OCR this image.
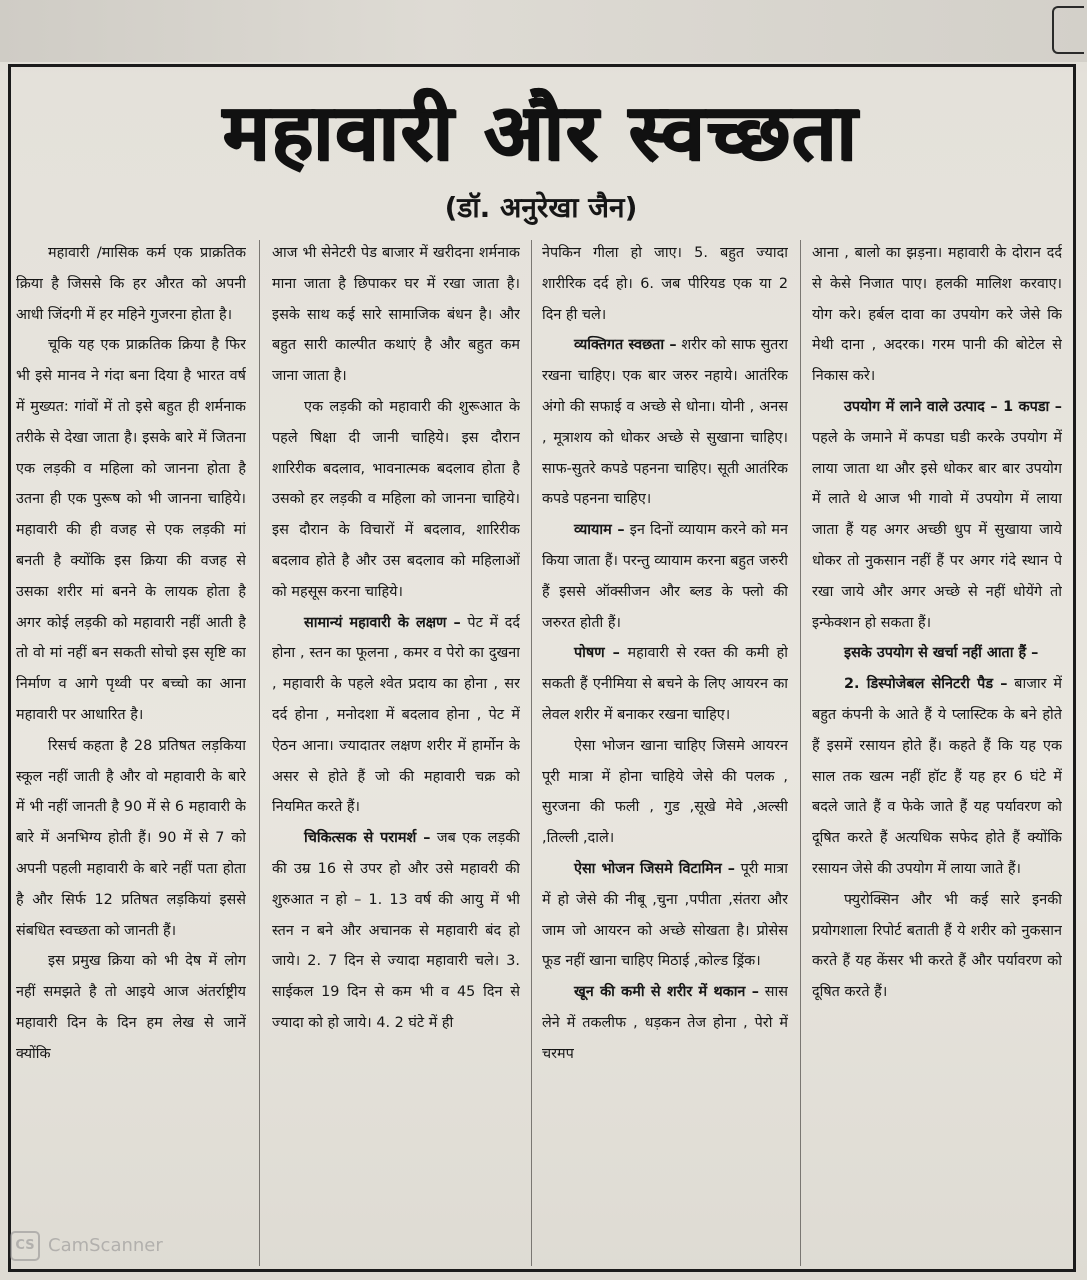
महावारी और स्वच्छता
(डॉ. अनुरेखा जैन)

महावारी /मासिक कर्म एक प्राक्रतिक क्रिया है जिससे कि हर औरत को अपनी आधी जिंदगी में हर महिने गुजरना होता है।

चूकि यह एक प्राक्रतिक क्रिया है फिर भी इसे मानव ने गंदा बना दिया है भारत वर्ष में मुख्यत: गांवों में तो इसे बहुत ही शर्मनाक तरीके से देखा जाता है। इसके बारे में जितना एक लड़की व महिला को जानना होता है उतना ही एक पुरूष को भी जानना चाहिये। महावारी की ही वजह से एक लड़की मां बनती है क्योंकि इस क्रिया की वजह से उसका शरीर मां बनने के लायक होता है अगर कोई लड़की को महावारी नहीं आती है तो वो मां नहीं बन सकती सोचो इस सृष्टि का निर्माण व आगे पृथ्वी पर बच्चो का आना महावारी पर आधारित है।

रिसर्च कहता है 28 प्रतिषत लड़किया स्कूल नहीं जाती है और वो महावारी के बारे में भी नहीं जानती है 90 में से 6 महावारी के बारे में अनभिग्य होती हैं। 90 में से 7 को अपनी पहली महावारी के बारे नहीं पता होता है और सिर्फ 12 प्रतिषत लड़कियां इससे संबधित स्वच्छता को जानती हैं।

इस प्रमुख क्रिया को भी देष में लोग नहीं समझते है तो आइये आज अंतर्राष्ट्रीय महावारी दिन के दिन हम लेख से जानें क्योंकि

आज भी सेनेटरी पेड बाजार में खरीदना शर्मनाक माना जाता है छिपाकर घर में रखा जाता है। इसके साथ कई सारे सामाजिक बंधन है। और बहुत सारी काल्पीत कथाएं है और बहुत कम जाना जाता है।

एक लड़की को महावारी की शुरूआत के पहले षिक्षा दी जानी चाहिये। इस दौरान शारिरीक बदलाव, भावनात्मक बदलाव होता है उसको हर लड़की व महिला को जानना चाहिये। इस दौरान के विचारों में बदलाव, शारिरीक बदलाव होते है और उस बदलाव को महिलाओं को महसूस करना चाहिये।

सामान्यं महावारी के लक्षण – पेट में दर्द होना , स्तन का फूलना , कमर व पेरो का दुखना , महावारी के पहले श्वेत प्रदाय का होना , सर दर्द होना , मनोदशा में बदलाव होना , पेट में ऐठन आना। ज्यादातर लक्षण शरीर में हार्मोन के असर से होते हैं जो की महावारी चक्र को नियमित करते हैं।

चिकित्सक से परामर्श – जब एक लड़की की उम्र 16 से उपर हो और उसे महावरी की शुरुआत न हो – 1. 13 वर्ष की आयु में भी स्तन न बने और अचानक से महावारी बंद हो जाये। 2. 7 दिन से ज्यादा महावारी चले। 3. साईकल 19 दिन से कम भी व 45 दिन से ज्यादा को हो जाये। 4. 2 घंटे में ही

नेपकिन गीला हो जाए। 5. बहुत ज्यादा शारीरिक दर्द हो। 6. जब पीरियड एक या 2 दिन ही चले।

व्यक्तिगत स्वछता – शरीर को साफ सुतरा रखना चाहिए। एक बार जरुर नहाये। आतंरिक अंगो की सफाई व अच्छे से धोना। योनी , अनस , मूत्राशय को धोकर अच्छे से सुखाना चाहिए। साफ-सुतरे कपडे पहनना चाहिए। सूती आतंरिक कपडे पहनना चाहिए।

व्यायाम – इन दिनों व्यायाम करने को मन किया जाता हैं। परन्तु व्यायाम करना बहुत जरुरी हैं इससे ऑक्सीजन और ब्लड के फ्लो की जरुरत होती हैं।

पोषण – महावारी से रक्त की कमी हो सकती हैं एनीमिया से बचने के लिए आयरन का लेवल शरीर में बनाकर रखना चाहिए।

ऐसा भोजन खाना चाहिए जिसमे आयरन पूरी मात्रा में होना चाहिये जेसे की पलक , सुरजना की फली , गुड ,सूखे मेवे ,अल्सी ,तिल्ली ,दाले।

ऐसा भोजन जिसमे विटामिन – पूरी मात्रा में हो जेसे की नीबू ,चुना ,पपीता ,संतरा और जाम जो आयरन को अच्छे सोखता है। प्रोसेस फूड नहीं खाना चाहिए मिठाई ,कोल्ड ड्रिंक।

खून की कमी से शरीर में थकान – सास लेने में तकलीफ , धड़कन तेज होना , पेरो में चरमप

आना , बालो का झड़ना। महावारी के दोरान दर्द से केसे निजात पाए। हलकी मालिश करवाए। योग करे। हर्बल दावा का उपयोग करे जेसे कि मेथी दाना , अदरक। गरम पानी की बोटेल से निकास करे।

उपयोग में लाने वाले उत्पाद – 1 कपडा – पहले के जमाने में कपडा घडी करके उपयोग में लाया जाता था और इसे धोकर बार बार उपयोग में लाते थे आज भी गावो में उपयोग में लाया जाता हैं यह अगर अच्छी धुप में सुखाया जाये धोकर तो नुकसान नहीं हैं पर अगर गंदे स्थान पे रखा जाये और अगर अच्छे से नहीं धोयेंगे तो इन्फेक्शन हो सकता हैं।

इसके उपयोग से खर्चा नहीं आता हैं –

2. डिस्पोजेबल सेनिटरी पैड – बाजार में बहुत कंपनी के आते हैं ये प्लास्टिक के बने होते हैं इसमें रसायन होते हैं। कहते हैं कि यह एक साल तक खत्म नहीं हॉट हैं यह हर 6 घंटे में बदले जाते हैं व फेके जाते हैं यह पर्यावरण को दूषित करते हैं अत्यधिक सफेद होते हैं क्योंकि रसायन जेसे की उपयोग में लाया जाते हैं।

फ्युरोक्सिन और भी कई सारे इनकी प्रयोगशाला रिपोर्ट बताती हैं ये शरीर को नुकसान करते हैं यह केंसर भी करते हैं और पर्यावरण को दूषित करते हैं।

CS CamScanner
